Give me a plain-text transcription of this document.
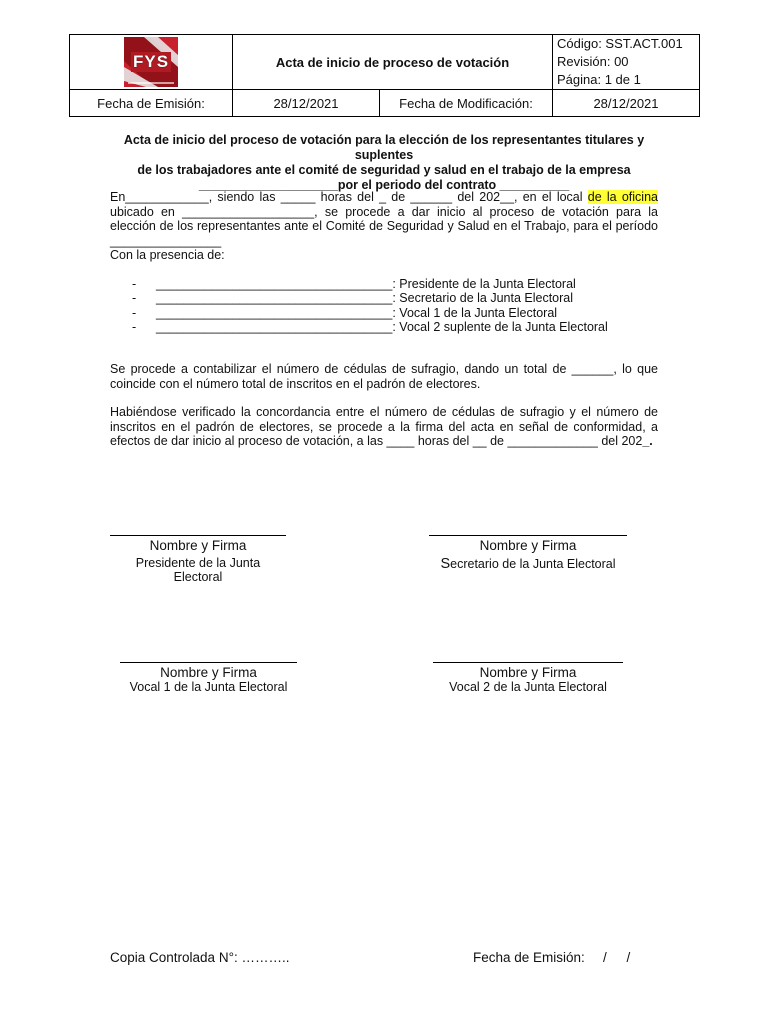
FYS	Acta de inicio de proceso de votación		Código: SST.ACT.001
Revisión: 00
Página: 1 de 1

Fecha de Emisión:	28/12/2021	Fecha de Modificación:	28/12/2021
Acta de inicio del proceso de votación para la elección de los representantes titulares y suplentes
de los trabajadores ante el comité de seguridad y salud en el trabajo de la empresa
____________________por el periodo del contrato __________
En____________, siendo las _____ horas del _ de ______ del 202__, en el local de la oficina ubicado en ___________________, se procede a dar inicio al proceso de votación para la elección de los representantes ante el Comité de Seguridad y Salud en el Trabajo, para el período ________________
Con la presencia de:
-	__________________________________: Presidente de la Junta Electoral
-	__________________________________: Secretario de la Junta Electoral
-	__________________________________: Vocal 1 de la Junta Electoral
-	__________________________________: Vocal 2 suplente de la Junta Electoral
Se procede a contabilizar el número de cédulas de sufragio, dando un total de ______, lo que coincide con el número total de inscritos en el padrón de electores.
Habiéndose verificado la concordancia entre el número de cédulas de sufragio y el número de inscritos en el padrón de electores, se procede a la firma del acta en señal de conformidad, a efectos de dar inicio al proceso de votación, a las ____ horas del __ de _____________ del 202_.
Nombre y Firma
Presidente de la Junta Electoral
Nombre y Firma
Secretario de la Junta Electoral
Nombre y Firma
Vocal 1 de la Junta Electoral
Nombre y Firma
Vocal 2 de la Junta Electoral
Copia Controlada N°: ………..	Fecha de Emisión: / /
